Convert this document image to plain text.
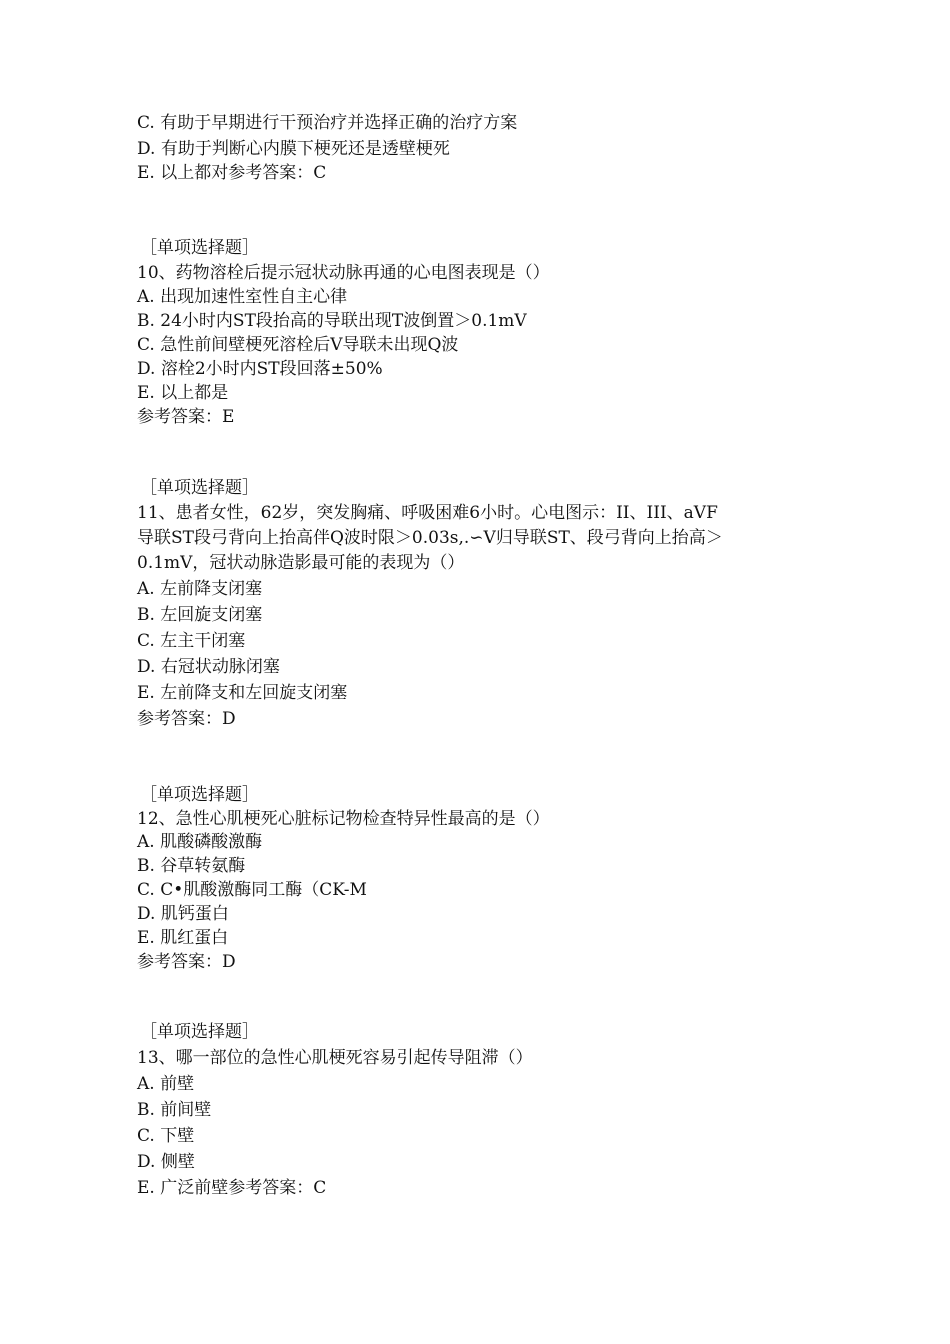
C. 有助于早期进行干预治疗并选择正确的治疗方案
D. 有助于判断心内膜下梗死还是透壁梗死
E. 以上都对参考答案：C
［单项选择题］
10、药物溶栓后提示冠状动脉再通的心电图表现是（）
A. 出现加速性室性自主心律
B. 24小时内ST段抬高的导联出现T波倒置＞0.1mV
C. 急性前间壁梗死溶栓后V导联未出现Q波
D. 溶栓2小时内ST段回落±50%
E. 以上都是
参考答案：E
［单项选择题］
11、患者女性，62岁，突发胸痛、呼吸困难6小时。心电图示：II、III、aVF
导联ST段弓背向上抬高伴Q波时限＞0.03s,.∽V归导联ST、段弓背向上抬高＞
0.1mV，冠状动脉造影最可能的表现为（）
A. 左前降支闭塞
B. 左回旋支闭塞
C. 左主干闭塞
D. 右冠状动脉闭塞
E. 左前降支和左回旋支闭塞
参考答案：D
［单项选择题］
12、急性心肌梗死心脏标记物检查特异性最高的是（）
A. 肌酸磷酸激酶
B. 谷草转氨酶
C. C•肌酸激酶同工酶（CK-M
D. 肌钙蛋白
E. 肌红蛋白
参考答案：D
［单项选择题］
13、哪一部位的急性心肌梗死容易引起传导阻滞（）
A. 前壁
B. 前间壁
C. 下壁
D. 侧壁
E. 广泛前壁参考答案：C
